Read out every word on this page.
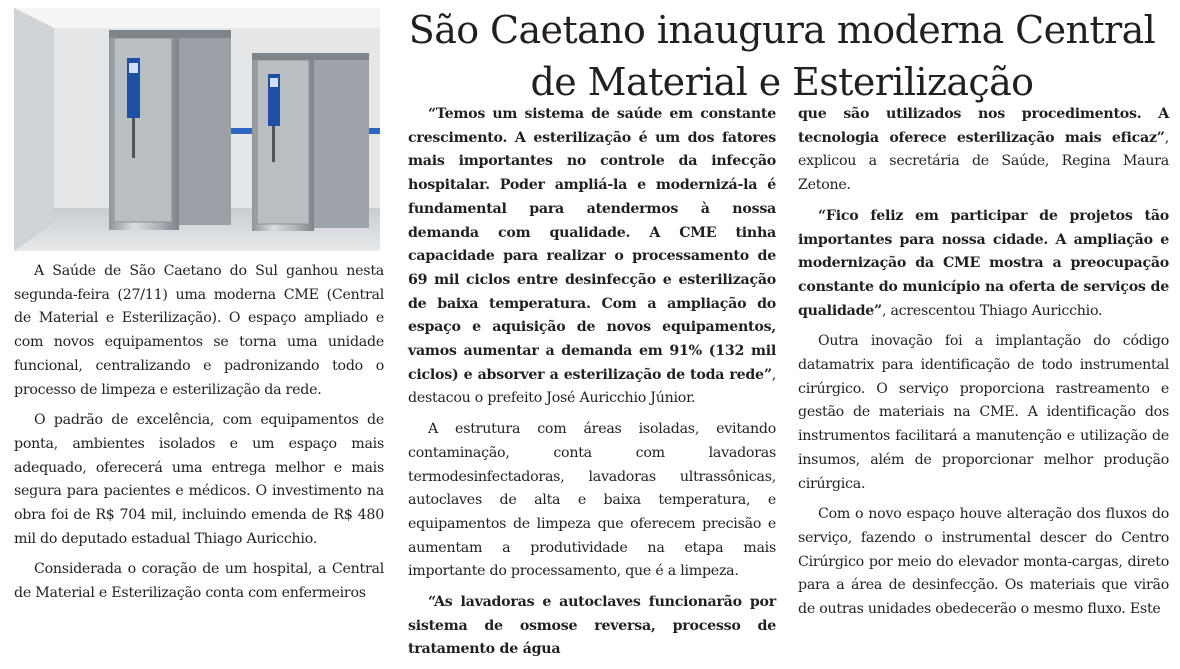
São Caetano inaugura moderna Central de Material e Esterilização

A Saúde de São Caetano do Sul ganhou nesta segunda-feira (27/11) uma moderna CME (Central de Material e Esterilização). O espaço ampliado e com novos equipamentos se torna uma unidade funcional, centralizando e padronizando todo o processo de limpeza e esterilização da rede.

O padrão de excelência, com equipamentos de ponta, ambientes isolados e um espaço mais adequado, oferecerá uma entrega melhor e mais segura para pacientes e médicos. O investimento na obra foi de R$ 704 mil, incluindo emenda de R$ 480 mil do deputado estadual Thiago Auricchio.

Considerada o coração de um hospital, a Central de Material e Esterilização conta com enfermeiros

“Temos um sistema de saúde em constante crescimento. A esterilização é um dos fatores mais importantes no controle da infecção hospitalar. Poder ampliá-la e modernizá-la é fundamental para atendermos à nossa demanda com qualidade. A CME tinha capacidade para realizar o processamento de 69 mil ciclos entre desinfecção e esterilização de baixa temperatura. Com a ampliação do espaço e aquisição de novos equipamentos, vamos aumentar a demanda em 91% (132 mil ciclos) e absorver a esterilização de toda rede”, destacou o prefeito José Auricchio Júnior.

A estrutura com áreas isoladas, evitando contaminação, conta com lavadoras termodesinfectadoras, lavadoras ultrassônicas, autoclaves de alta e baixa temperatura, e equipamentos de limpeza que oferecem precisão e aumentam a produtividade na etapa mais importante do processamento, que é a limpeza.

“As lavadoras e autoclaves funcionarão por sistema de osmose reversa, processo de tratamento de água

que são utilizados nos procedimentos. A tecnologia oferece esterilização mais eficaz”, explicou a secretária de Saúde, Regina Maura Zetone.

“Fico feliz em participar de projetos tão importantes para nossa cidade. A ampliação e modernização da CME mostra a preocupação constante do município na oferta de serviços de qualidade”, acrescentou Thiago Auricchio.

Outra inovação foi a implantação do código datamatrix para identificação de todo instrumental cirúrgico. O serviço proporciona rastreamento e gestão de materiais na CME. A identificação dos instrumentos facilitará a manutenção e utilização de insumos, além de proporcionar melhor produção cirúrgica.

Com o novo espaço houve alteração dos fluxos do serviço, fazendo o instrumental descer do Centro Cirúrgico por meio do elevador monta-cargas, direto para a área de desinfecção. Os materiais que virão de outras unidades obedecerão o mesmo fluxo. Este
